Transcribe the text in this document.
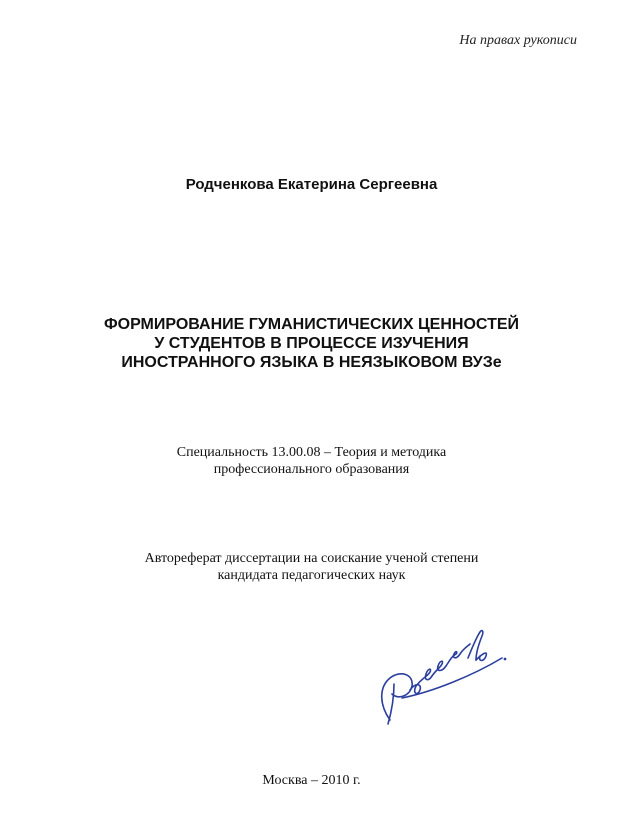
На правах рукописи
Родченкова Екатерина Сергеевна
ФОРМИРОВАНИЕ ГУМАНИСТИЧЕСКИХ ЦЕННОСТЕЙ
У СТУДЕНТОВ В ПРОЦЕССЕ ИЗУЧЕНИЯ
ИНОСТРАННОГО ЯЗЫКА В НЕЯЗЫКОВОМ ВУЗе
Специальность 13.00.08 – Теория и методика
профессионального образования
Автореферат диссертации на соискание ученой степени
кандидата педагогических наук
Москва – 2010 г.
